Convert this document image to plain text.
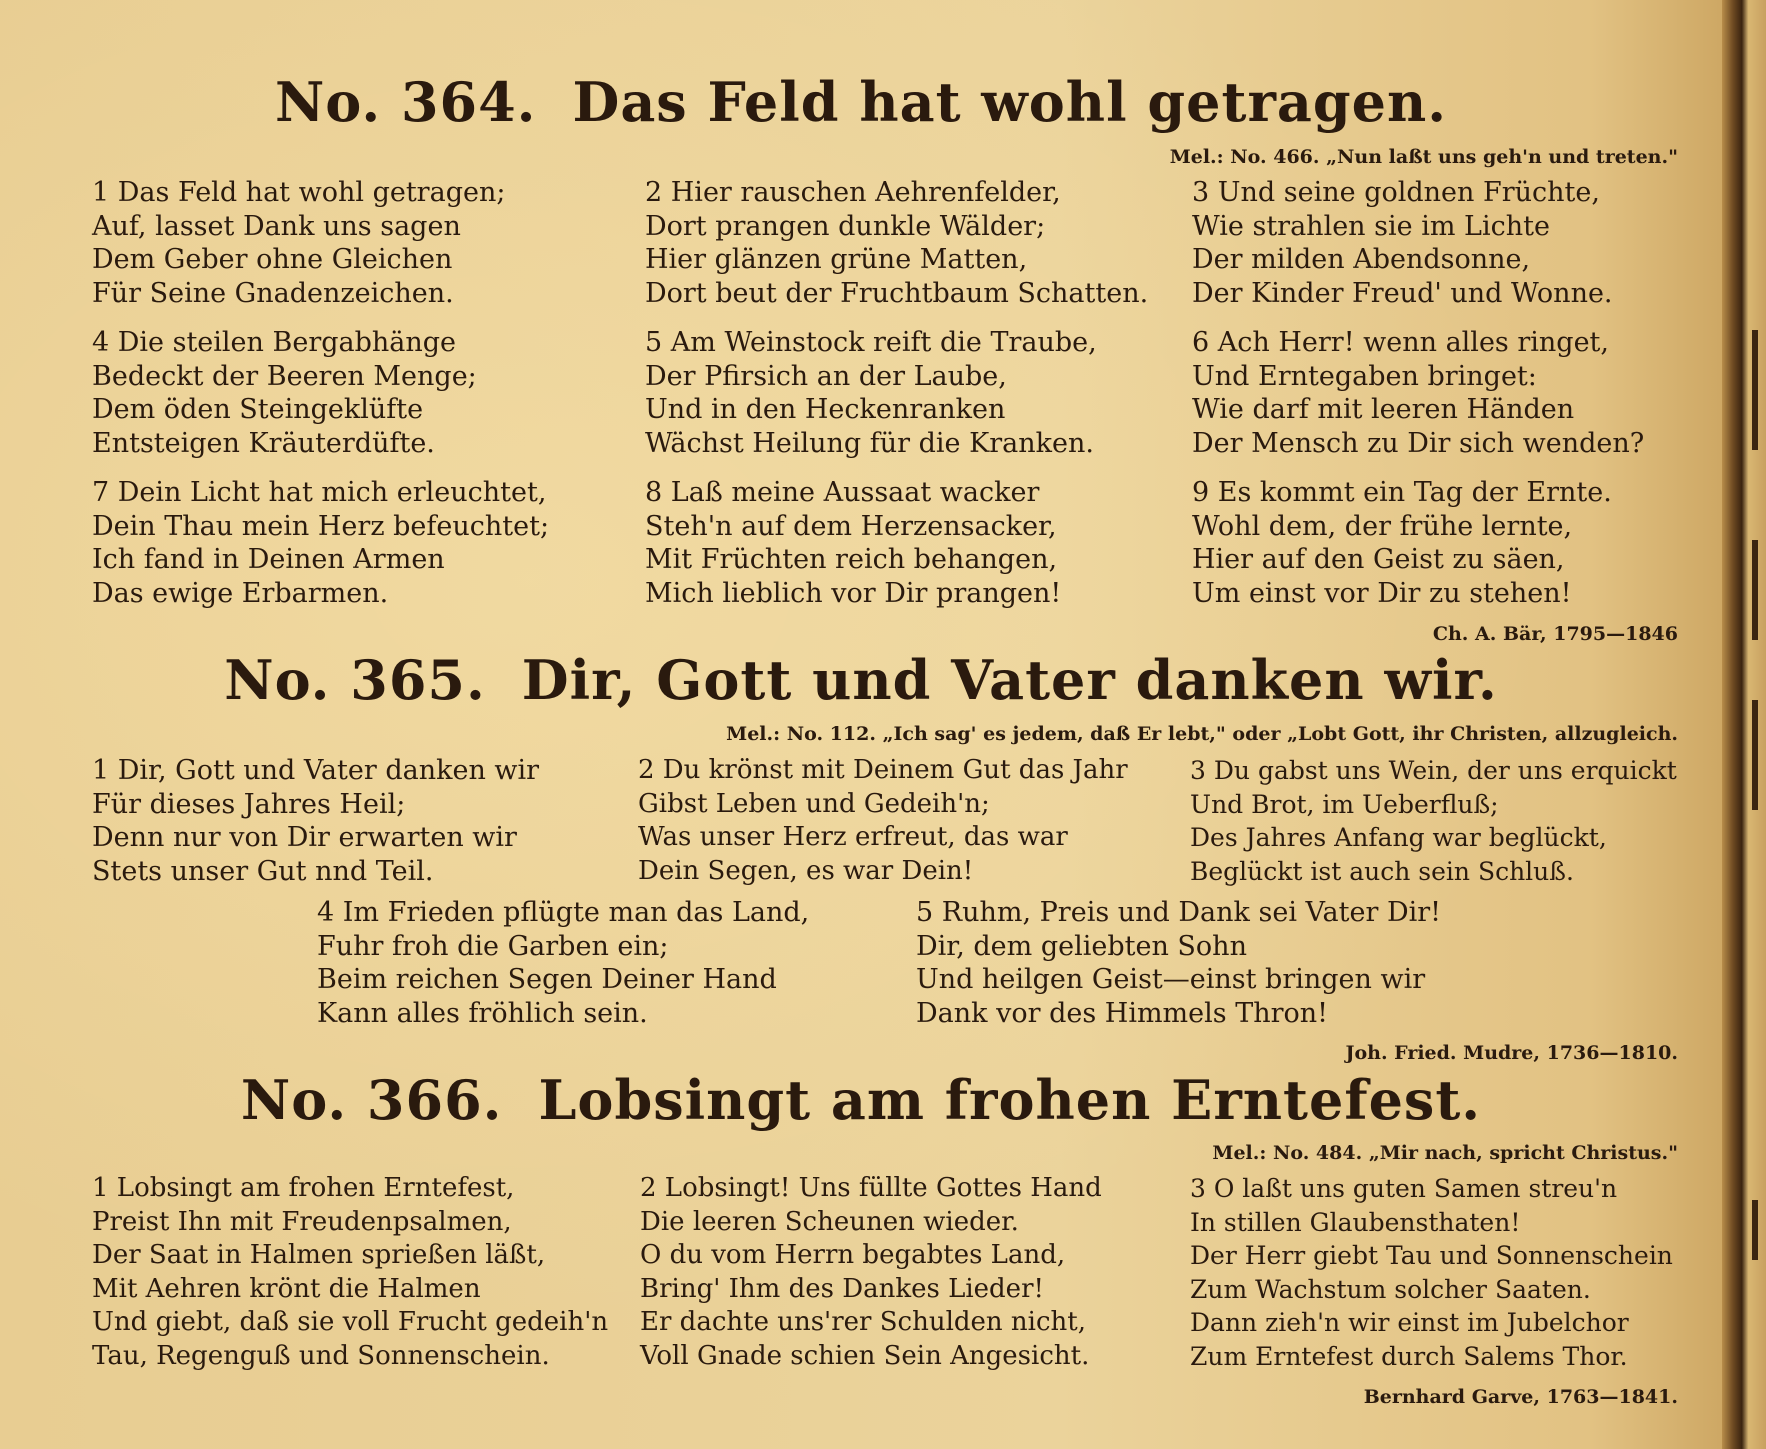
No. 364. Das Feld hat wohl getragen.
Mel.: No. 466. „Nun laßt uns geh'n und treten."
1 Das Feld hat wohl getragen;
Auf, lasset Dank uns sagen
Dem Geber ohne Gleichen
Für Seine Gnadenzeichen.
2 Hier rauschen Aehrenfelder,
Dort prangen dunkle Wälder;
Hier glänzen grüne Matten,
Dort beut der Fruchtbaum Schatten.
3 Und seine goldnen Früchte,
Wie strahlen sie im Lichte
Der milden Abendsonne,
Der Kinder Freud' und Wonne.
4 Die steilen Bergabhänge
Bedeckt der Beeren Menge;
Dem öden Steingeklüfte
Entsteigen Kräuterdüfte.
5 Am Weinstock reift die Traube,
Der Pfirsich an der Laube,
Und in den Heckenranken
Wächst Heilung für die Kranken.
6 Ach Herr! wenn alles ringet,
Und Erntegaben bringet:
Wie darf mit leeren Händen
Der Mensch zu Dir sich wenden?
7 Dein Licht hat mich erleuchtet,
Dein Thau mein Herz befeuchtet;
Ich fand in Deinen Armen
Das ewige Erbarmen.
8 Laß meine Aussaat wacker
Steh'n auf dem Herzensacker,
Mit Früchten reich behangen,
Mich lieblich vor Dir prangen!
9 Es kommt ein Tag der Ernte.
Wohl dem, der frühe lernte,
Hier auf den Geist zu säen,
Um einst vor Dir zu stehen!
Ch. A. Bär, 1795—1846
No. 365. Dir, Gott und Vater danken wir.
Mel.: No. 112. „Ich sag' es jedem, daß Er lebt," oder „Lobt Gott, ihr Christen, allzugleich.
1 Dir, Gott und Vater danken wir
Für dieses Jahres Heil;
Denn nur von Dir erwarten wir
Stets unser Gut nnd Teil.
2 Du krönst mit Deinem Gut das Jahr
Gibst Leben und Gedeih'n;
Was unser Herz erfreut, das war
Dein Segen, es war Dein!
3 Du gabst uns Wein, der uns erquickt
Und Brot, im Ueberfluß;
Des Jahres Anfang war beglückt,
Beglückt ist auch sein Schluß.
4 Im Frieden pflügte man das Land,
Fuhr froh die Garben ein;
Beim reichen Segen Deiner Hand
Kann alles fröhlich sein.
5 Ruhm, Preis und Dank sei Vater Dir!
Dir, dem geliebten Sohn
Und heilgen Geist—einst bringen wir
Dank vor des Himmels Thron!
Joh. Fried. Mudre, 1736—1810.
No. 366. Lobsingt am frohen Erntefest.
Mel.: No. 484. „Mir nach, spricht Christus."
1 Lobsingt am frohen Erntefest,
Preist Ihn mit Freudenpsalmen,
Der Saat in Halmen sprießen läßt,
Mit Aehren krönt die Halmen
Und giebt, daß sie voll Frucht gedeih'n
Tau, Regenguß und Sonnenschein.
2 Lobsingt! Uns füllte Gottes Hand
Die leeren Scheunen wieder.
O du vom Herrn begabtes Land,
Bring' Ihm des Dankes Lieder!
Er dachte uns'rer Schulden nicht,
Voll Gnade schien Sein Angesicht.
3 O laßt uns guten Samen streu'n
In stillen Glaubensthaten!
Der Herr giebt Tau und Sonnenschein
Zum Wachstum solcher Saaten.
Dann zieh'n wir einst im Jubelchor
Zum Erntefest durch Salems Thor.
Bernhard Garve, 1763—1841.
